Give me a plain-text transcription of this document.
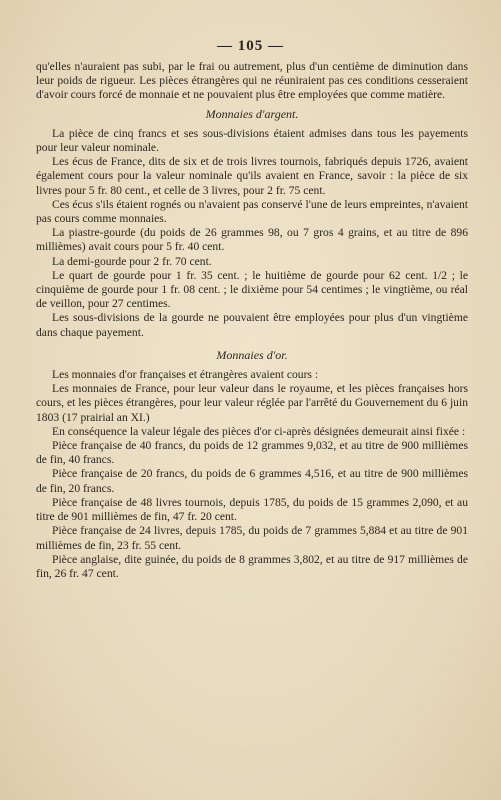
— 105 —

qu'elles n'auraient pas subi, par le frai ou autrement, plus d'un centième de diminution dans leur poids de rigueur. Les pièces étrangères qui ne réuniraient pas ces conditions cesseraient d'avoir cours forcé de monnaie et ne pouvaient plus être employées que comme matière.

Monnaies d'argent.

La pièce de cinq francs et ses sous-divisions étaient admises dans tous les payements pour leur valeur nominale.

Les écus de France, dits de six et de trois livres tournois, fabriqués depuis 1726, avaient également cours pour la valeur nominale qu'ils avaient en France, savoir : la pièce de six livres pour 5 fr. 80 cent., et celle de 3 livres, pour 2 fr. 75 cent.

Ces écus s'ils étaient rognés ou n'avaient pas conservé l'une de leurs empreintes, n'avaient pas cours comme monnaies.

La piastre-gourde (du poids de 26 grammes 98, ou 7 gros 4 grains, et au titre de 896 millièmes) avait cours pour 5 fr. 40 cent.

La demi-gourde pour 2 fr. 70 cent.

Le quart de gourde pour 1 fr. 35 cent. ; le huitième de gourde pour 62 cent. 1/2 ; le cinquième de gourde pour 1 fr. 08 cent. ; le dixième pour 54 centimes ; le vingtième, ou réal de veillon, pour 27 centimes.

Les sous-divisions de la gourde ne pouvaient être employées pour plus d'un vingtième dans chaque payement.

Monnaies d'or.

Les monnaies d'or françaises et étrangères avaient cours :

Les monnaies de France, pour leur valeur dans le royaume, et les pièces françaises hors cours, et les pièces étrangères, pour leur valeur réglée par l'arrêté du Gouvernement du 6 juin 1803 (17 prairial an XI.)

En conséquence la valeur légale des pièces d'or ci-après désignées demeurait ainsi fixée :

Pièce française de 40 francs, du poids de 12 grammes 9,032, et au titre de 900 millièmes de fin, 40 francs.

Pièce française de 20 francs, du poids de 6 grammes 4,516, et au titre de 900 millièmes de fin, 20 francs.

Pièce française de 48 livres tournois, depuis 1785, du poids de 15 grammes 2,090, et au titre de 901 millièmes de fin, 47 fr. 20 cent.

Pièce française de 24 livres, depuis 1785, du poids de 7 grammes 5,884 et au titre de 901 millièmes de fin, 23 fr. 55 cent.

Pièce anglaise, dite guinée, du poids de 8 grammes 3,802, et au titre de 917 millièmes de fin, 26 fr. 47 cent.
